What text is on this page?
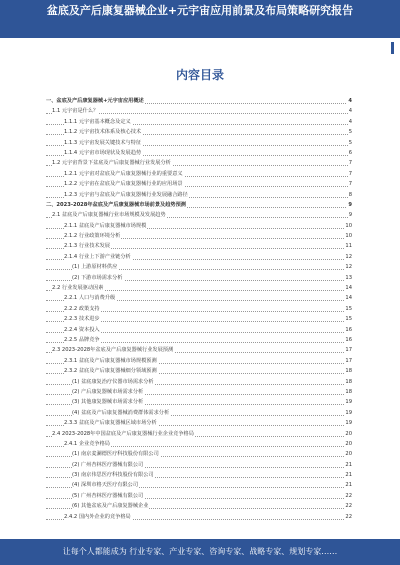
盆底及产后康复器械企业+元宇宙应用前景及布局策略研究报告
内容目录
一、盆底及产后康复器械+元宇宙应用概述	4
1.1 元宇宙是什么？	4
1.1.1 元宇宙基本概念及定义	4
1.1.2 元宇宙技术体系及核心技术	5
1.1.3 元宇宙发展关键技术与特征	5
1.1.4 元宇宙市场现状及发展趋势	6
1.2 元宇宙背景下盆底及产后康复器械行业发展分析	7
1.2.1 元宇宙对盆底及产后康复器械行业的重要意义	7
1.2.2 元宇宙在盆底及产后康复器械行业的应用场景	7
1.2.3 元宇宙与盆底及产后康复器械行业发展融合路径	8
二、2023-2028年盆底及产后康复器械市场前景及趋势预测	9
2.1 盆底及产后康复器械行业市场规模及发展趋势	9
2.1.1 盆底及产后康复器械市场规模	10
2.1.2 行业政策环境分析	10
2.1.3 行业技术发展	11
2.1.4 行业上下游产业链分析	12
(1) 上游原材料供应	12
(2) 下游市场需求分析	13
2.2 行业发展驱动因素	14
2.2.1 人口与消费升级	14
2.2.2 政策支持	15
2.2.3 技术进步	15
2.2.4 资本投入	16
2.2.5 品牌竞争	16
2.3 2023-2028年盆底及产后康复器械行业发展预测	17
2.3.1 盆底及产后康复器械市场规模预测	17
2.3.2 盆底及产后康复器械细分领域预测	18
(1) 盆底康复治疗仪器市场需求分析	18
(2) 产后康复器械市场需求分析	18
(3) 其他康复器械市场需求分析	19
(4) 盆底及产后康复器械消费群体需求分析	19
2.3.3 盆底及产后康复器械区域市场分析	19
2.4 2023-2028年中国盆底及产后康复器械行业企业竞争格局	20
2.4.1 企业竞争格局	20
(1) 南京麦澜德医疗科技股份有限公司	20
(2) 广州杏林医疗器械有限公司	21
(3) 南京伟思医疗科技股份有限公司	21
(4) 深圳市格天医疗有限公司	21
(5) 广州杏林医疗器械有限公司	22
(6) 其他盆底及产后康复器械企业	22
2.4.2 国内外企业的竞争格局	22
让每个人都能成为 行业专家、产业专家、咨询专家、战略专家、规划专家……
